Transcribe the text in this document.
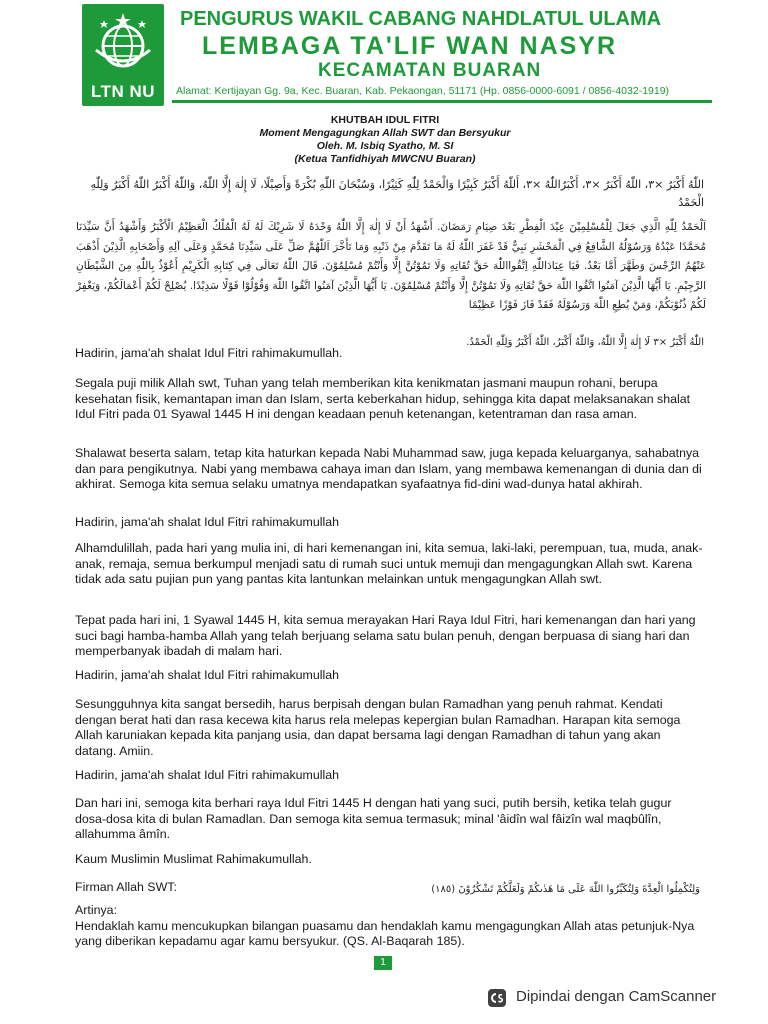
LTN NU
PENGURUS WAKIL CABANG NAHDLATUL ULAMA
LEMBAGA TA'LIF WAN NASYR
KECAMATAN BUARAN
Alamat: Kertijayan Gg. 9a, Kec. Buaran, Kab. Pekaongan, 51171 (Hp. 0856-0000-6091 / 0856-4032-1919)
KHUTBAH IDUL FITRI
Moment Mengagungkan Allah SWT dan Bersyukur
Oleh. M. Isbiq Syatho, M. SI
(Ketua Tanfidhiyah MWCNU Buaran)
اللّٰهُ أَكْبَرُ ×٣، اللّٰهُ أَكْبَرُ ×٣، أَكْبَرُاللّٰهُ ×٣، أَللّٰهُ أَكْبَرُ كَبِيْرًا وَالْحَمْدُ لِلّٰهِ كَثِيْرًا، وَسُبْحَانَ اللّٰهِ بُكْرَةً وَأَصِيْلًا، لَا إِلٰهَ إِلَّا اللّٰهُ، وَاللّٰهُ أَكْبَرُ اللّٰهُ أَكْبَرُ وَلِلّٰهِ الْحَمْدُ
اَلْحَمْدُ لِلّٰهِ الَّذِي جَعَلَ لِلْمُسْلِمِيْنَ عِيْدَ الْفِطْرِ بَعْدَ صِيَامِ رَمَضَانَ. أَشْهَدُ أَنْ لَا إِلٰهَ إِلَّا اللّٰهُ وَحْدَهُ لَا شَرِيْكَ لَهُ لَهُ الْمُلْكُ الْعَظِيْمُ الْأَكْبَرُ وَأَشْهَدُ أَنَّ سَيِّدَنَا مُحَمَّدًا عَبْدُهُ وَرَسُوْلُهُ الشَّافِعُ فِي الْمَحْشَرِ نَبِيٌّ قَدْ غَفَرَ اللّٰهُ لَهُ مَا تَقَدَّمَ مِنْ ذَنْبِهِ وَمَا تَأَخَّرَ اَللّٰهُمَّ صَلِّ عَلَى سَيِّدِنَا مُحَمَّدٍ وَعَلَى آلِهِ وَأَصْحَابِهِ الَّذِيْنَ أَذْهَبَ عَنْهُمُ الرِّجْسَ وَطَهَّرَ أَمَّا بَعْدُ. فَيَا عِبَادَاللّٰهِ اِتَّقُوااللّٰهَ حَقَّ تُقَاتِهِ وَلَا تَمُوْتُنَّ إِلَّا وَأَنْتُمْ مُسْلِمُوْنَ. قَالَ اللّٰهُ تَعَالَى فِي كِتَابِهِ الْكَرِيْمِ أَعُوْذُ بِاللّٰهِ مِنَ الشَّيْطَانِ الرَّجِيْمِ. يَا أَيُّهَا الَّذِيْنَ آمَنُوا اتَّقُوا اللّٰهَ حَقَّ تُقَاتِهِ وَلَا تَمُوْتُنَّ إِلَّا وَأَنْتُمْ مُسْلِمُوْنَ. يَا أَيُّهَا الَّذِيْنَ آمَنُوا اتَّقُوا اللّٰهَ وَقُوْلُوْا قَوْلًا سَدِيْدًا. يُصْلِحْ لَكُمْ أَعْمَالَكُمْ، وَيَغْفِرْ لَكُمْ ذُنُوْبَكُمْ، وَمَنْ يُطِعِ اللّٰهَ وَرَسُوْلَهُ فَقَدْ فَازَ فَوْزًا عَظِيْمًا
اللّٰهُ أَكْبَرُ ×٣ لَا إِلٰهَ إِلَّا اللّٰهُ، وَاللّٰهُ أَكْبَرُ، اللّٰهُ أَكْبَرُ وَلِلّٰهِ الْحَمْدُ.
Hadirin, jama'ah shalat Idul Fitri rahimakumullah.
Segala puji milik Allah swt, Tuhan yang telah memberikan kita kenikmatan jasmani maupun rohani, berupa kesehatan fisik, kemantapan iman dan Islam, serta keberkahan hidup, sehingga kita dapat melaksanakan shalat Idul Fitri pada 01 Syawal 1445 H ini dengan keadaan penuh ketenangan, ketentraman dan rasa aman.
Shalawat beserta salam, tetap kita haturkan kepada Nabi Muhammad saw, juga kepada keluarganya, sahabatnya dan para pengikutnya. Nabi yang membawa cahaya iman dan Islam, yang membawa kemenangan di dunia dan di akhirat. Semoga kita semua selaku umatnya mendapatkan syafaatnya fid-dini wad-dunya hatal akhirah.
Hadirin, jama'ah shalat Idul Fitri rahimakumullah
Alhamdulillah, pada hari yang mulia ini, di hari kemenangan ini, kita semua, laki-laki, perempuan, tua, muda, anak-anak, remaja, semua berkumpul menjadi satu di rumah suci untuk memuji dan mengagungkan Allah swt. Karena tidak ada satu pujian pun yang pantas kita lantunkan melainkan untuk mengagungkan Allah swt.
Tepat pada hari ini, 1 Syawal 1445 H, kita semua merayakan Hari Raya Idul Fitri, hari kemenangan dan hari yang suci bagi hamba-hamba Allah yang telah berjuang selama satu bulan penuh, dengan berpuasa di siang hari dan memperbanyak ibadah di malam hari.
Hadirin, jama'ah shalat Idul Fitri rahimakumullah
Sesungguhnya kita sangat bersedih, harus berpisah dengan bulan Ramadhan yang penuh rahmat. Kendati dengan berat hati dan rasa kecewa kita harus rela melepas kepergian bulan Ramadhan. Harapan kita semoga Allah karuniakan kepada kita panjang usia, dan dapat bersama lagi dengan Ramadhan di tahun yang akan datang. Amiin.
Hadirin, jama'ah shalat Idul Fitri rahimakumullah
Dan hari ini, semoga kita berhari raya Idul Fitri 1445 H dengan hati yang suci, putih bersih, ketika telah gugur dosa-dosa kita di bulan Ramadlan. Dan semoga kita semua termasuk; minal 'âidîn wal fâizîn wal maqbûlîn, allahumma âmîn.
Kaum Muslimin Muslimat Rahimakumullah.
Firman Allah SWT:	وَلِتُكْمِلُوا الْعِدَّةَ وَلِتُكَبِّرُوا اللّٰهَ عَلَى مَا هَدٰىكُمْ وَلَعَلَّكُمْ تَشْكُرُوْنَ (١٨٥)
Artinya:
Hendaklah kamu mencukupkan bilangan puasamu dan hendaklah kamu mengagungkan Allah atas petunjuk-Nya yang diberikan kepadamu agar kamu bersyukur. (QS. Al-Baqarah 185).
1
Dipindai dengan CamScanner
